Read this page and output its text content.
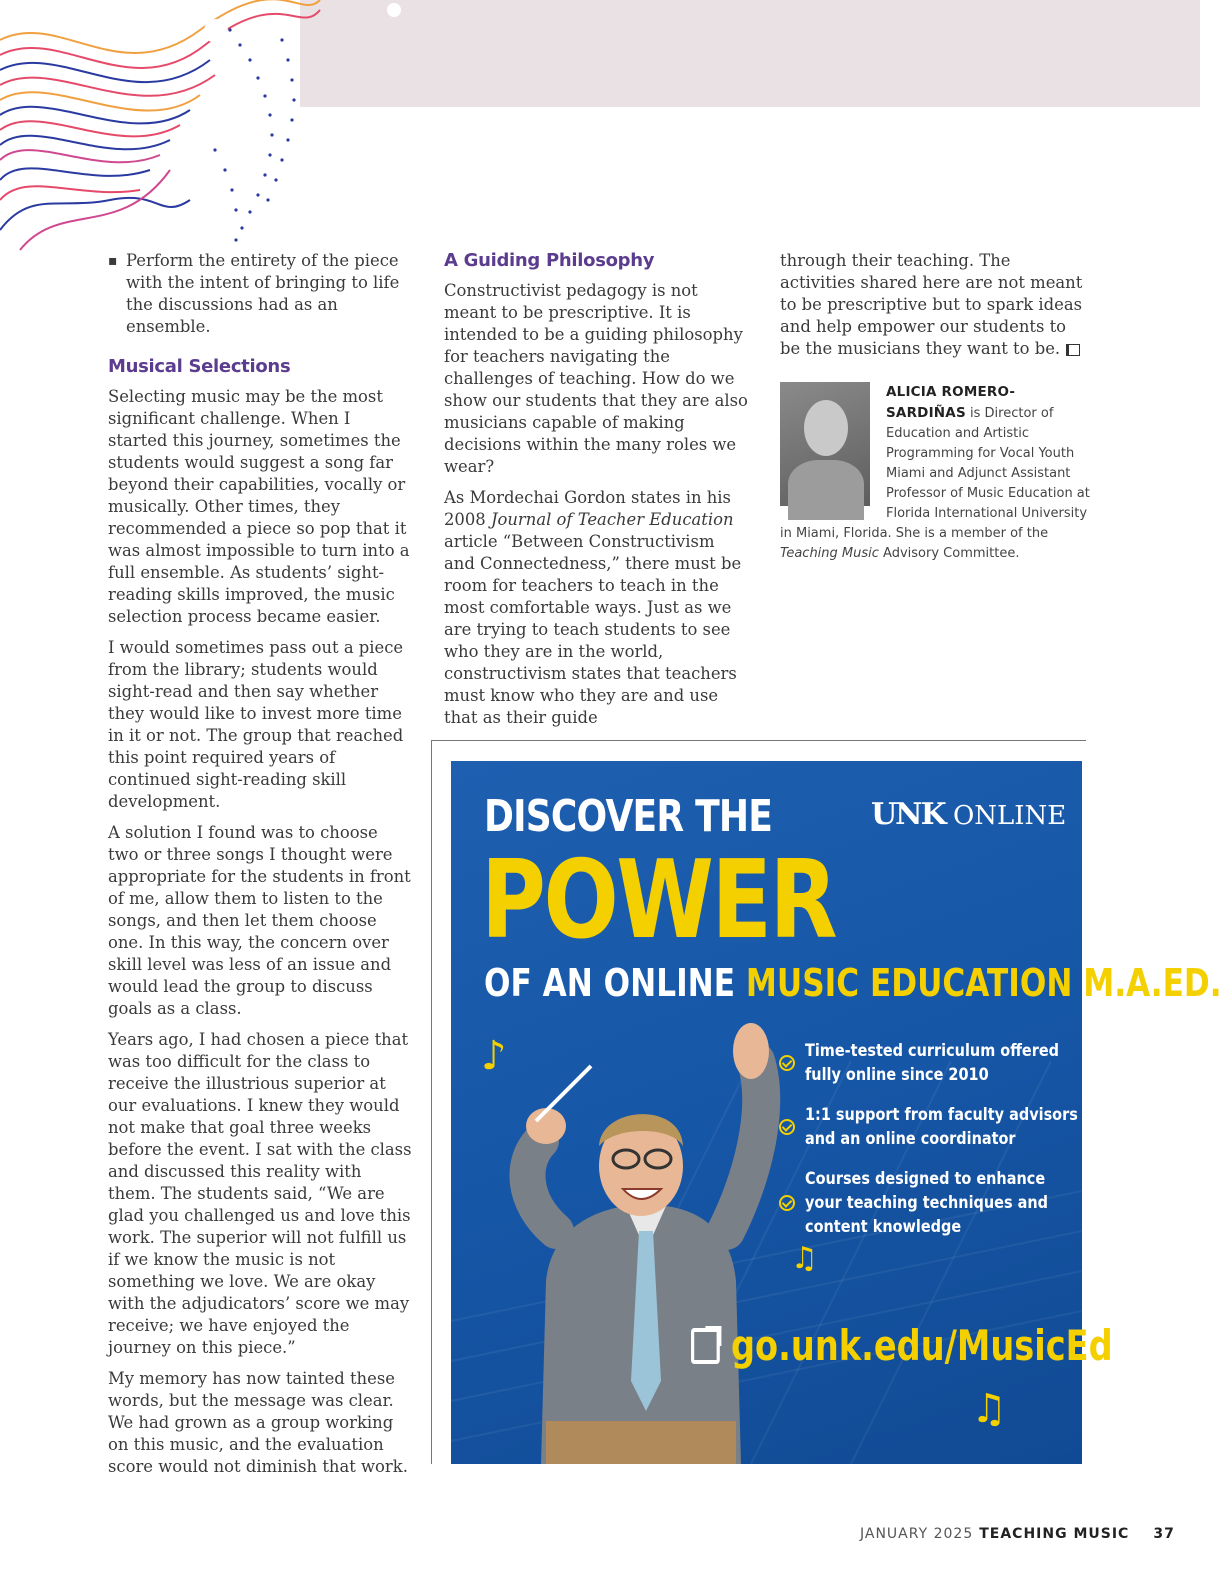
▪ Perform the entirety of the piece with the intent of bringing to life the discussions had as an ensemble.
Musical Selections

Selecting music may be the most significant challenge. When I started this journey, sometimes the students would suggest a song far beyond their capabilities, vocally or musically. Other times, they recommended a piece so pop that it was almost impossible to turn into a full ensemble. As students’ sight-reading skills improved, the music selection process became easier.

I would sometimes pass out a piece from the library; students would sight-read and then say whether they would like to invest more time in it or not. The group that reached this point required years of continued sight-reading skill development.

A solution I found was to choose two or three songs I thought were appropriate for the students in front of me, allow them to listen to the songs, and then let them choose one. In this way, the concern over skill level was less of an issue and would lead the group to discuss goals as a class.

Years ago, I had chosen a piece that was too difficult for the class to receive the illustrious superior at our evaluations. I knew they would not make that goal three weeks before the event. I sat with the class and discussed this reality with them. The students said, “We are glad you challenged us and love this work. The superior will not fulfill us if we know the music is not something we love. We are okay with the adjudicators’ score we may receive; we have enjoyed the journey on this piece.”

My memory has now tainted these words, but the message was clear. We had grown as a group working on this music, and the evaluation score would not diminish that work.

A Guiding Philosophy

Constructivist pedagogy is not meant to be prescriptive. It is intended to be a guiding philosophy for teachers navigating the challenges of teaching. How do we show our students that they are also musicians capable of making decisions within the many roles we wear?

As Mordechai Gordon states in his 2008 Journal of Teacher Education article “Between Constructivism and Connectedness,” there must be room for teachers to teach in the most comfortable ways. Just as we are trying to teach students to see who they are in the world, constructivism states that teachers must know who they are and use that as their guide

through their teaching. The activities shared here are not meant to be prescriptive but to spark ideas and help empower our students to be the musicians they want to be.

ALICIA ROMERO-SARDIÑAS is Director of Education and Artistic Programming for Vocal Youth Miami and Adjunct Assistant Professor of Music Education at Florida International University in Miami, Florida. She is a member of the Teaching Music Advisory Committee.
DISCOVER THE
POWER
OF AN ONLINE MUSIC EDUCATION M.A.ED.
UNK ONLINE
Time-tested curriculum offered
fully online since 2010
1:1 support from faculty advisors
and an online coordinator
Courses designed to enhance
your teaching techniques and
content knowledge
♪
♫
♫
go.unk.edu/MusicEd
JANUARY 2025 TEACHING MUSIC 37
